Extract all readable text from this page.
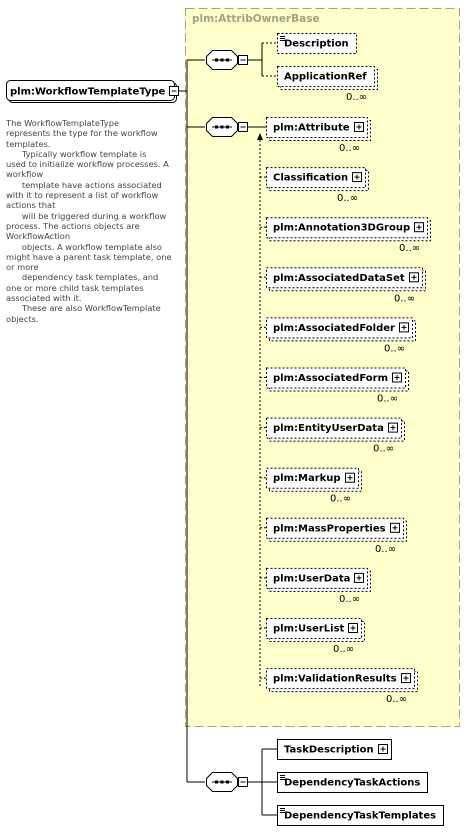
plm:AttribOwnerBase
plm:WorkflowTemplateType
Description
ApplicationRef
0..∞
plm:Attribute
0..∞
Classification
0..∞
plm:Annotation3DGroup
0..∞
plm:AssociatedDataSet
0..∞
plm:AssociatedFolder
0..∞
plm:AssociatedForm
0..∞
plm:EntityUserData
0..∞
plm:Markup
0..∞
plm:MassProperties
0..∞
plm:UserData
0..∞
plm:UserList
0..∞
plm:ValidationResults
0..∞
TaskDescription
DependencyTaskActions
DependencyTaskTemplates
The WorkflowTemplateType
represents the type for the workflow
templates.
Typically workflow template is
used to initialize workflow processes. A
workflow
template have actions associated
with it to represent a list of workflow
actions that
will be triggered during a workflow
process. The actions objects are
WorkflowAction
objects. A workflow template also
might have a parent task template, one
or more
dependency task templates, and
one or more child task templates
associated with it.
These are also WorkflowTemplate
objects.
